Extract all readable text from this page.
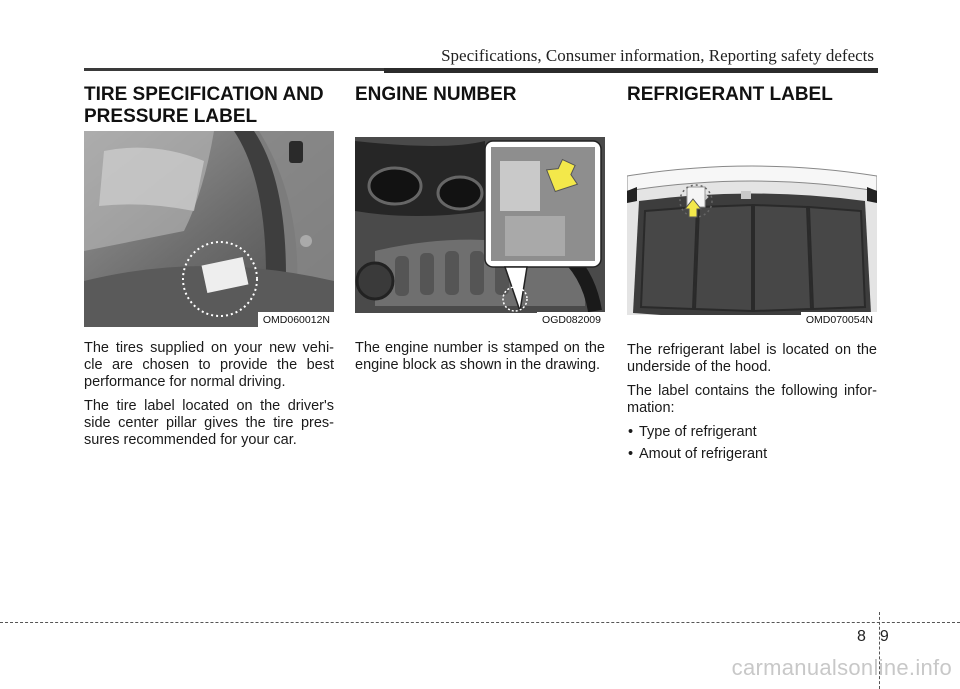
Specifications, Consumer information, Reporting safety defects
TIRE SPECIFICATION AND PRESSURE LABEL
OMD060012N

The tires supplied on your new vehi-cle are chosen to provide the best performance for normal driving.

The tire label located on the driver's side center pillar gives the tire pres-sures recommended for your car.

ENGINE NUMBER
OGD082009

The engine number is stamped on the engine block as shown in the drawing.

REFRIGERANT LABEL
OMD070054N

The refrigerant label is located on the underside of the hood.

The label contains the following infor-mation:

• Type of refrigerant
• Amout of refrigerant
89
carmanualsonline.info
